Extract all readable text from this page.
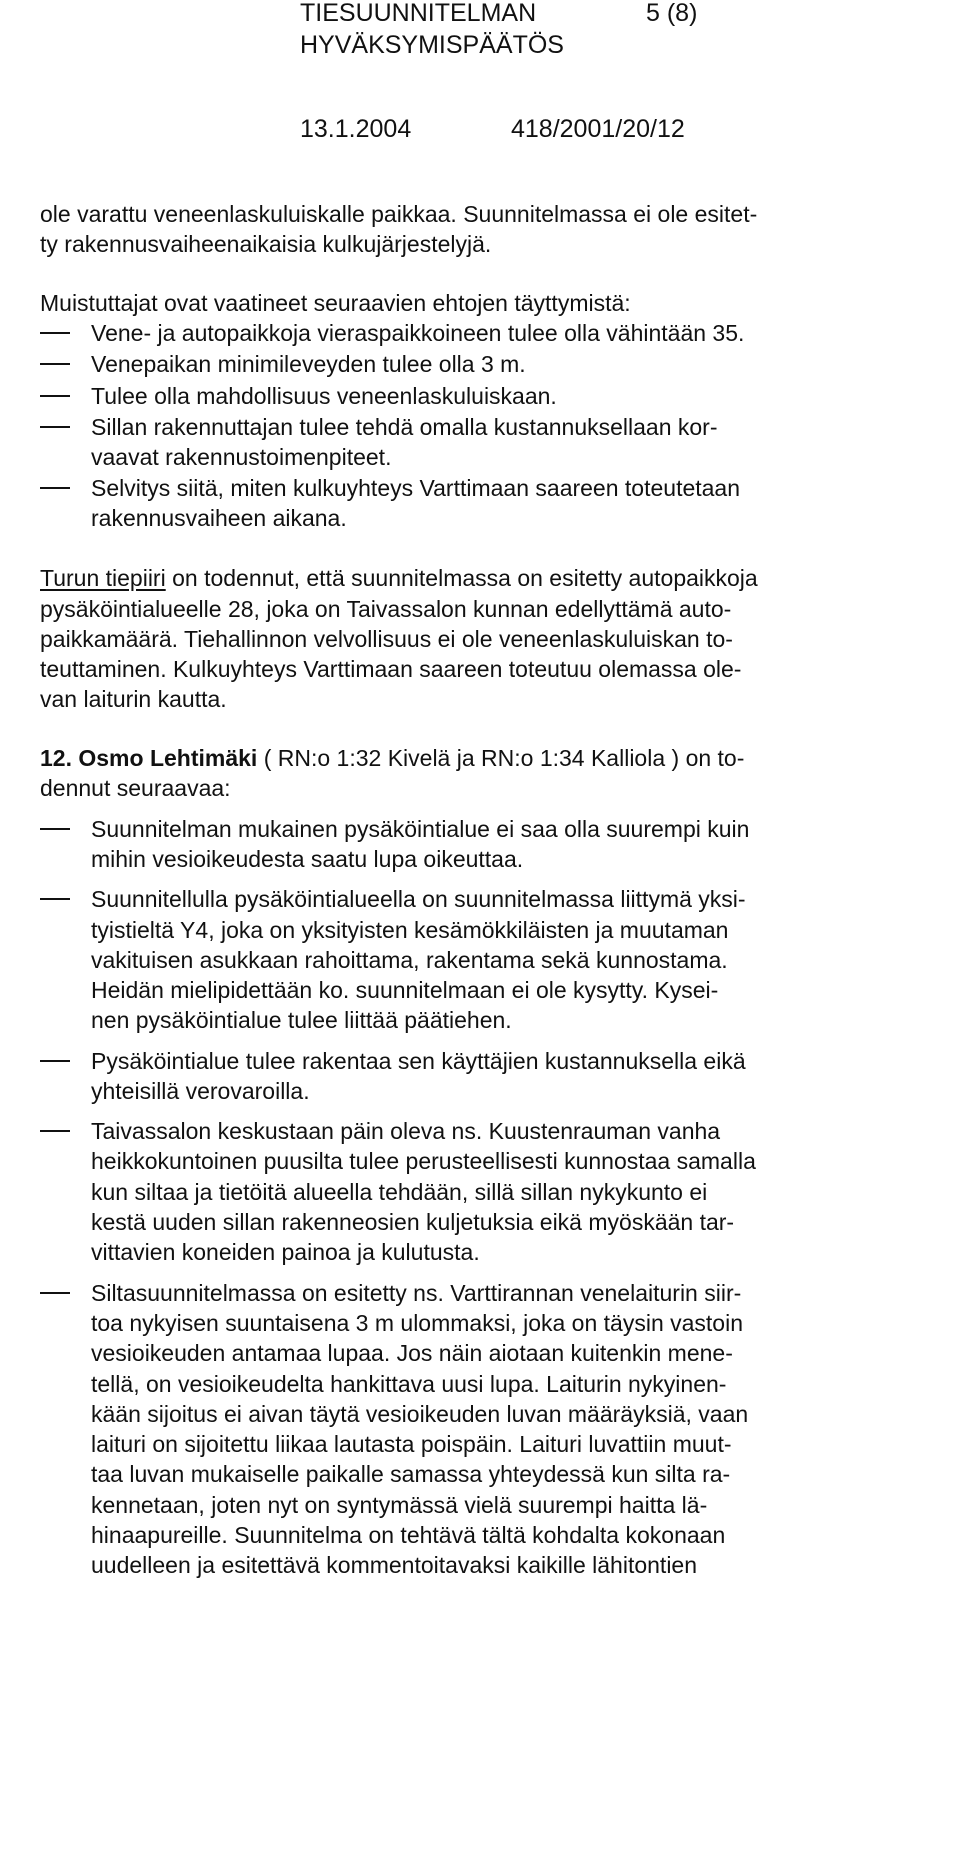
TIESUUNNITELMAN	5 (8)
HYVÄKSYMISPÄÄTÖS
13.1.2004	418/2001/20/12
ole varattu veneenlaskuluiskalle paikkaa. Suunnitelmassa ei ole esitet-
ty rakennusvaiheenaikaisia kulkujärjestelyjä.
Muistuttajat ovat vaatineet seuraavien ehtojen täyttymistä:
Vene- ja autopaikkoja vieraspaikkoineen tulee olla vähintään 35.
Venepaikan minimileveyden tulee olla 3 m.
Tulee olla mahdollisuus veneenlaskuluiskaan.
Sillan rakennuttajan tulee tehdä omalla kustannuksellaan kor-
vaavat rakennustoimenpiteet.
Selvitys siitä, miten kulkuyhteys Varttimaan saareen toteutetaan
rakennusvaiheen aikana.
Turun tiepiiri on todennut, että suunnitelmassa on esitetty autopaikkoja
pysäköintialueelle 28, joka on Taivassalon kunnan edellyttämä auto-
paikkamäärä. Tiehallinnon velvollisuus ei ole veneenlaskuluiskan to-
teuttaminen. Kulkuyhteys Varttimaan saareen toteutuu olemassa ole-
van laiturin kautta.
12. Osmo Lehtimäki ( RN:o 1:32 Kivelä ja RN:o 1:34 Kalliola ) on to-
dennut seuraavaa:
Suunnitelman mukainen pysäköintialue ei saa olla suurempi kuin
mihin vesioikeudesta saatu lupa oikeuttaa.
Suunnitellulla pysäköintialueella on suunnitelmassa liittymä yksi-
tyistieltä Y4, joka on yksityisten kesämökkiläisten ja muutaman
vakituisen asukkaan rahoittama, rakentama sekä kunnostama.
Heidän mielipidettään ko. suunnitelmaan ei ole kysytty. Kysei-
nen pysäköintialue tulee liittää päätiehen.
Pysäköintialue tulee rakentaa sen käyttäjien kustannuksella eikä
yhteisillä verovaroilla.
Taivassalon keskustaan päin oleva ns. Kuustenrauman vanha
heikkokuntoinen puusilta tulee perusteellisesti kunnostaa samalla
kun siltaa ja tietöitä alueella tehdään, sillä sillan nykykunto ei
kestä uuden sillan rakenneosien kuljetuksia eikä myöskään tar-
vittavien koneiden painoa ja kulutusta.
Siltasuunnitelmassa on esitetty ns. Varttirannan venelaiturin siir-
toa nykyisen suuntaisena 3 m ulommaksi, joka on täysin vastoin
vesioikeuden antamaa lupaa. Jos näin aiotaan kuitenkin mene-
tellä, on vesioikeudelta hankittava uusi lupa. Laiturin nykyinen-
kään sijoitus ei aivan täytä vesioikeuden luvan määräyksiä, vaan
laituri on sijoitettu liikaa lautasta poispäin. Laituri luvattiin muut-
taa luvan mukaiselle paikalle samassa yhteydessä kun silta ra-
kennetaan, joten nyt on syntymässä vielä suurempi haitta lä-
hinaapureille. Suunnitelma on tehtävä tältä kohdalta kokonaan
uudelleen ja esitettävä kommentoitavaksi kaikille lähitontien
